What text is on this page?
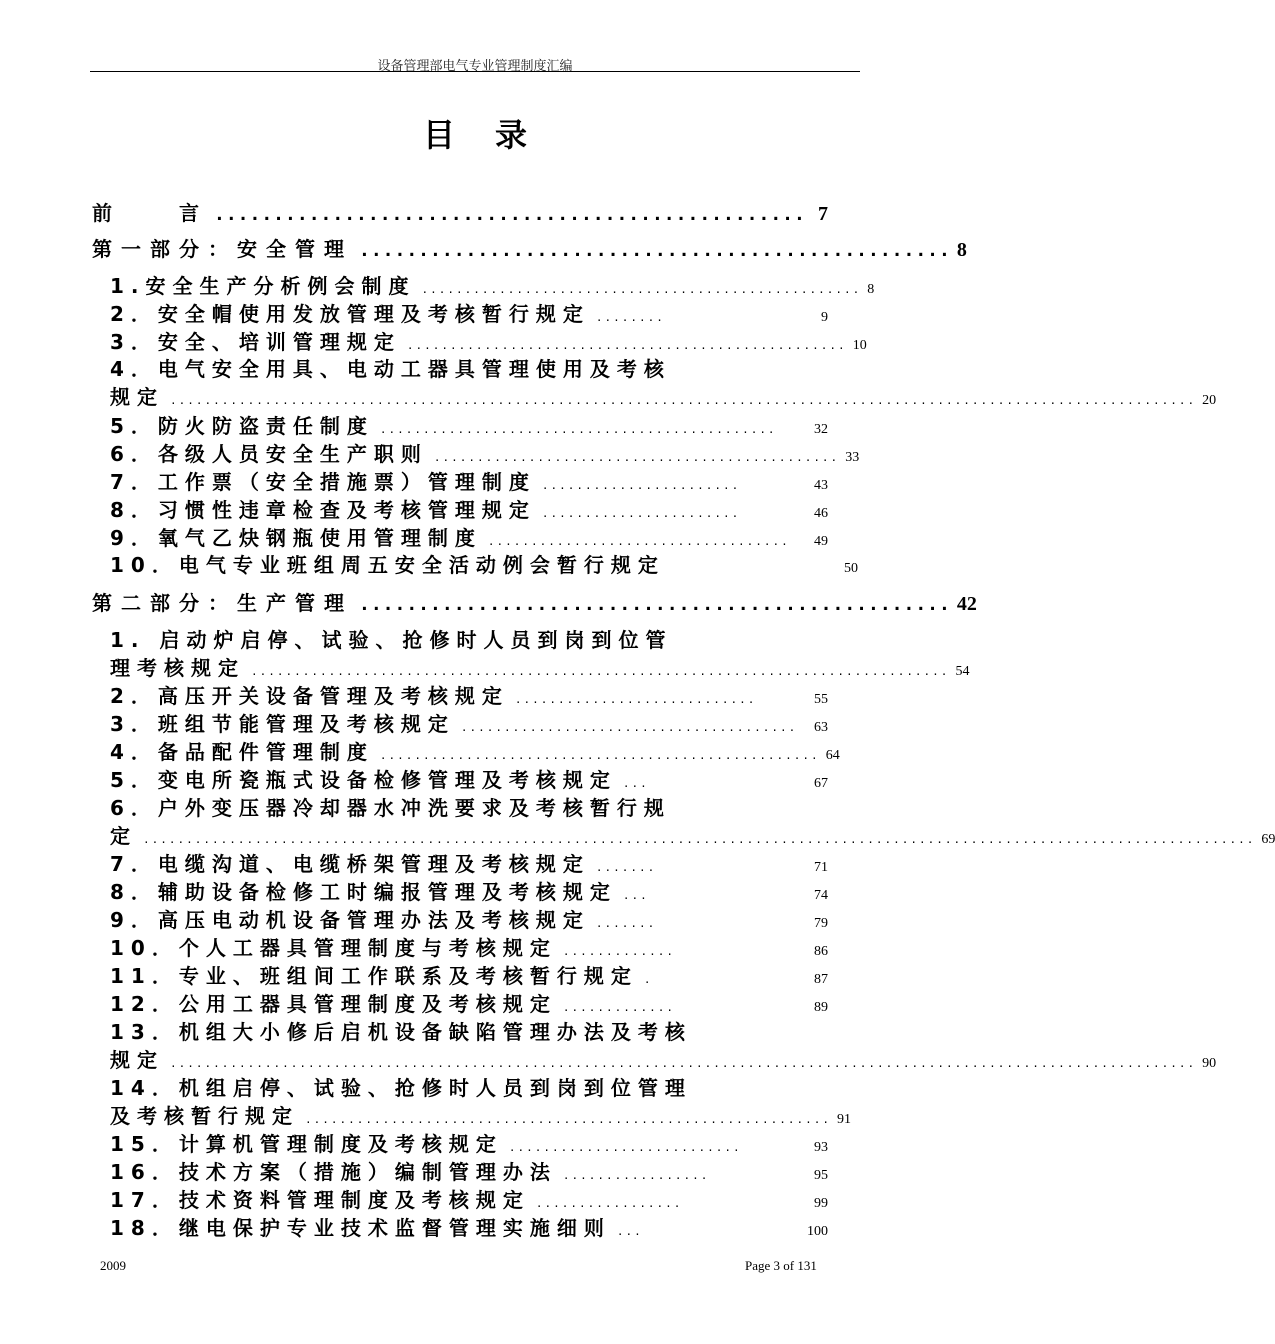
设备管理部电气专业管理制度汇编
目录
前　　言 .................................................. 7
第一部分：安全管理 .................................................. 8
1.安全生产分析例会制度 ................................................... 8
2．安全帽使用发放管理及考核暂行规定 ........	9
3．安全、培训管理规定 ................................................... 10
4．电气安全用具、电动工器具管理使用及考核
规定 ....................................................................................................................... 20
5．防火防盗责任制度 ..............................................	32
6．各级人员安全生产职则 ............................................... 33
7．工作票（安全措施票）管理制度 .......................	43
8．习惯性违章检查及考核管理规定 .......................	46
9．氧气乙炔钢瓶使用管理制度 ...................................	49
10．电气专业班组周五安全活动例会暂行规定	50
第二部分：生产管理 .................................................. 42
1. 启动炉启停、试验、抢修时人员到岗到位管
理考核规定 ................................................................................. 54
2．高压开关设备管理及考核规定 ............................	55
3．班组节能管理及考核规定 .......................................	63
4．备品配件管理制度 ................................................... 64
5．变电所瓷瓶式设备检修管理及考核规定 ...	67
6．户外变压器冷却器水冲洗要求及考核暂行规
定 ................................................................................................................................. 69
7．电缆沟道、电缆桥架管理及考核规定 .......	71
8．辅助设备检修工时编报管理及考核规定 ...	74
9．高压电动机设备管理办法及考核规定 .......	79
10．个人工器具管理制度与考核规定 .............	86
11．专业、班组间工作联系及考核暂行规定 .	87
12．公用工器具管理制度及考核规定 .............	89
13．机组大小修后启机设备缺陷管理办法及考核
规定 ....................................................................................................................... 90
14．机组启停、试验、抢修时人员到岗到位管理
及考核暂行规定 ............................................................. 91
15．计算机管理制度及考核规定 ...........................	93
16．技术方案（措施）编制管理办法 .................	95
17．技术资料管理制度及考核规定 .................	99
18．继电保护专业技术监督管理实施细则 ...	100
2009	Page 3 of 131
